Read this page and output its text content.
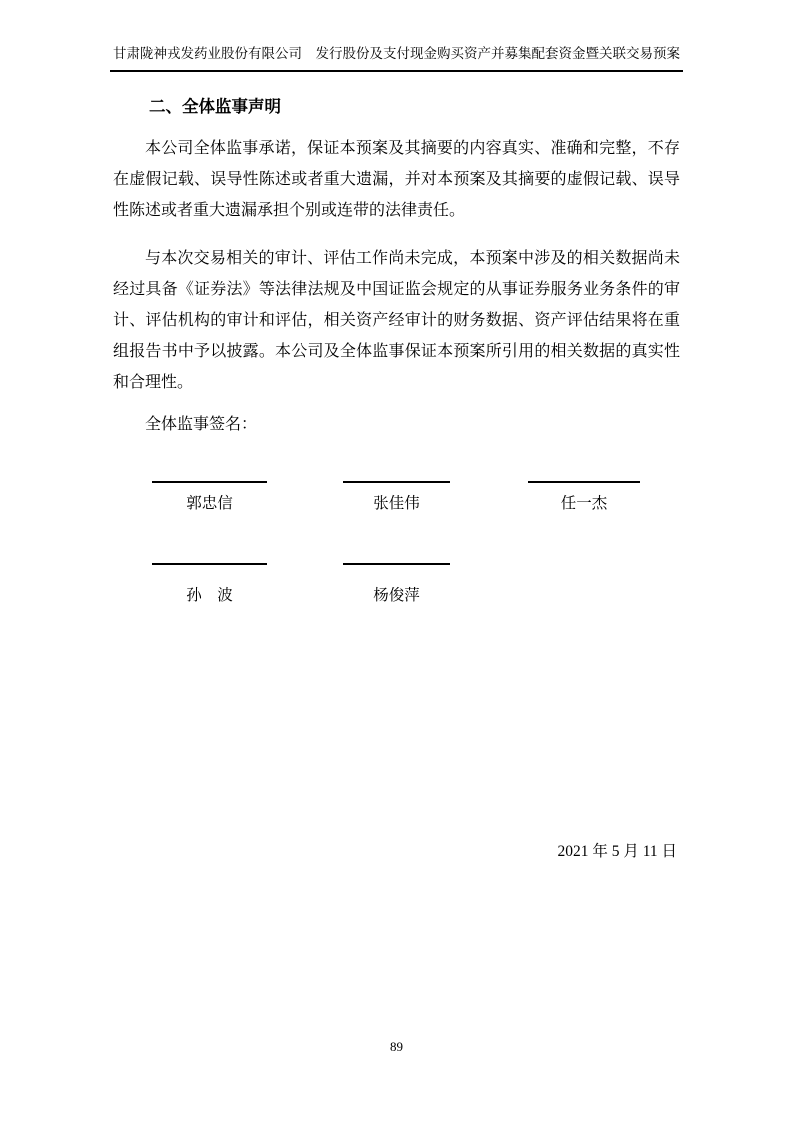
甘肃陇神戎发药业股份有限公司　发行股份及支付现金购买资产并募集配套资金暨关联交易预案
二、全体监事声明

本公司全体监事承诺，保证本预案及其摘要的内容真实、准确和完整，不存在虚假记载、误导性陈述或者重大遗漏，并对本预案及其摘要的虚假记载、误导性陈述或者重大遗漏承担个别或连带的法律责任。

与本次交易相关的审计、评估工作尚未完成，本预案中涉及的相关数据尚未经过具备《证券法》等法律法规及中国证监会规定的从事证券服务业务条件的审计、评估机构的审计和评估，相关资产经审计的财务数据、资产评估结果将在重组报告书中予以披露。本公司及全体监事保证本预案所引用的相关数据的真实性和合理性。

全体监事签名：
郭忠信	张佳伟	任一杰
孙　波	杨俊萍
2021 年 5 月 11 日
89
